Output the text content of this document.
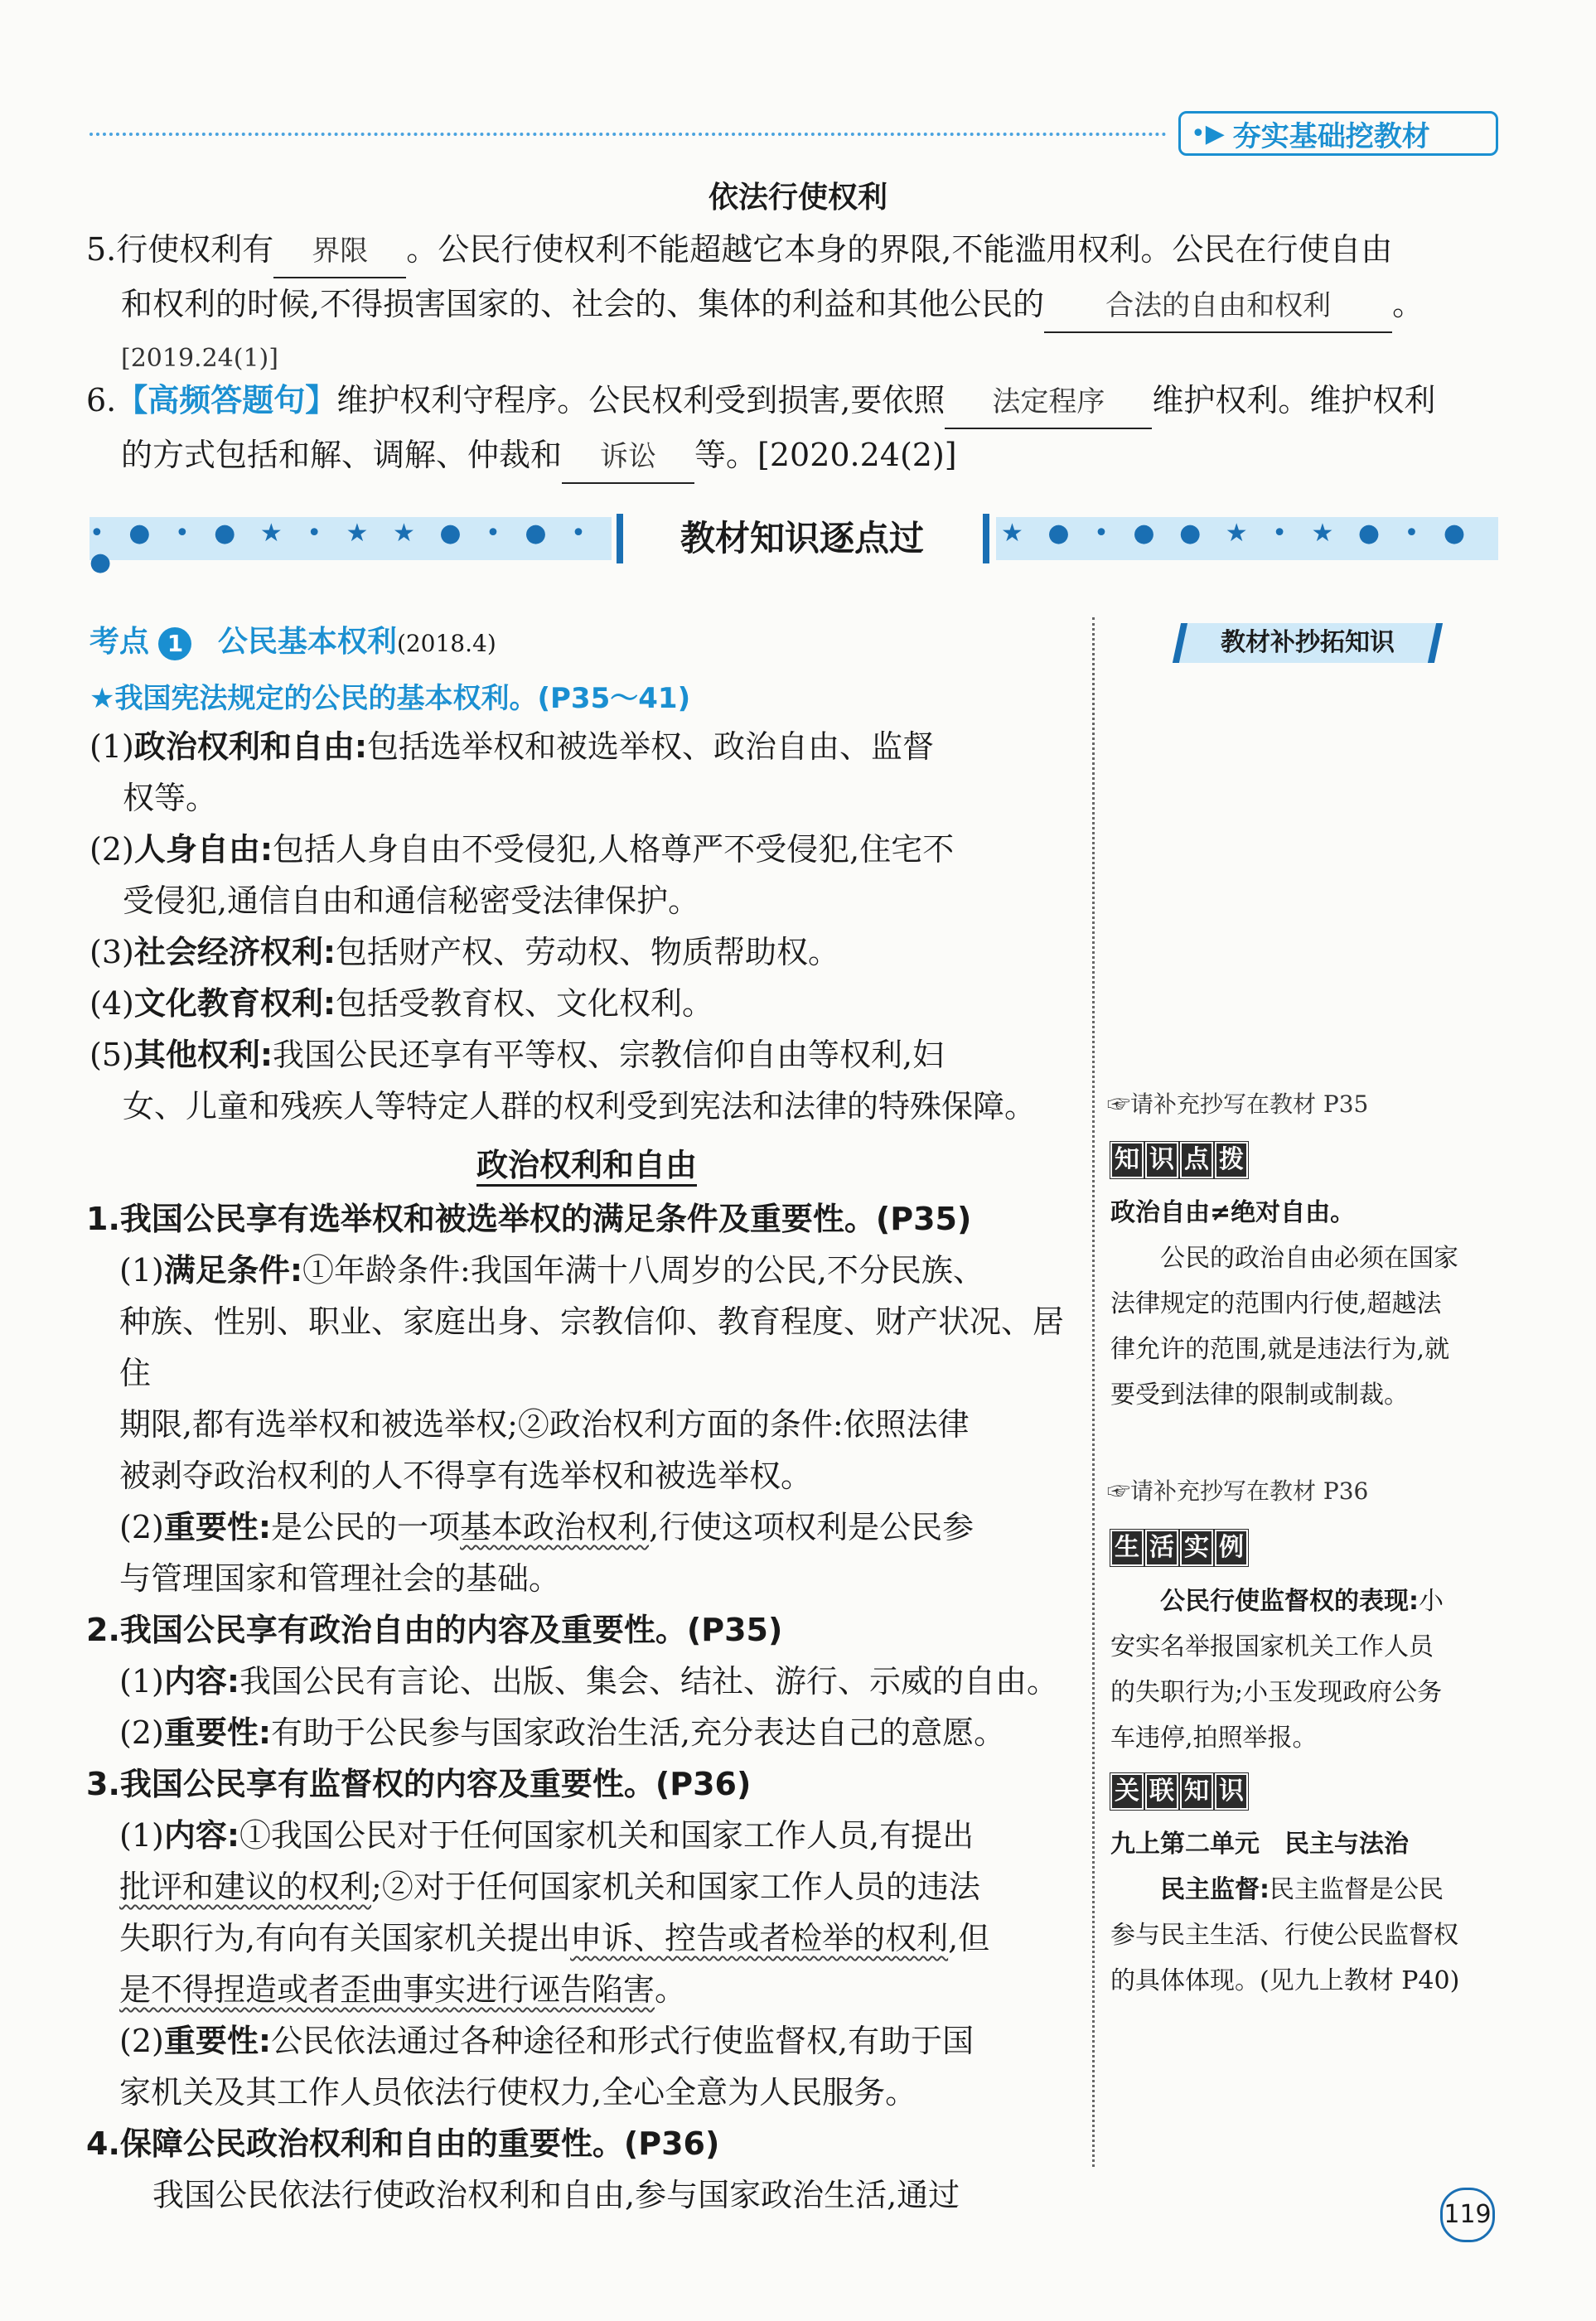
•▶ 夯实基础挖教材
依法行使权利
5.行使权利有 界限 。公民行使权利不能超越它本身的界限,不能滥用权利。公民在行使自由
和权利的时候,不得损害国家的、社会的、集体的利益和其他公民的 合法的自由和权利 。
[2019.24(1)]
6.【高频答题句】维护权利守程序。公民权利受到损害,要依照 法定程序 维护权利。维护权利
的方式包括和解、调解、仲裁和 诉讼 等。[2020.24(2)]
• ● • ● ★ • ★ ★ ● • ● • ●
教材知识逐点过	★ ● • ● ● ★ • ★ ● • ●
考点 1 公民基本权利(2018.4)
★我国宪法规定的公民的基本权利。(P35～41)
(1)政治权利和自由:包括选举权和被选举权、政治自由、监督
权等。
(2)人身自由:包括人身自由不受侵犯,人格尊严不受侵犯,住宅不
受侵犯,通信自由和通信秘密受法律保护。
(3)社会经济权利:包括财产权、劳动权、物质帮助权。
(4)文化教育权利:包括受教育权、文化权利。
(5)其他权利:我国公民还享有平等权、宗教信仰自由等权利,妇
女、儿童和残疾人等特定人群的权利受到宪法和法律的特殊保障。
政治权利和自由
1.我国公民享有选举权和被选举权的满足条件及重要性。(P35)
(1)满足条件:①年龄条件:我国年满十八周岁的公民,不分民族、
种族、性别、职业、家庭出身、宗教信仰、教育程度、财产状况、居住
期限,都有选举权和被选举权;②政治权利方面的条件:依照法律
被剥夺政治权利的人不得享有选举权和被选举权。
(2)重要性:是公民的一项基本政治权利,行使这项权利是公民参
与管理国家和管理社会的基础。
2.我国公民享有政治自由的内容及重要性。(P35)
(1)内容:我国公民有言论、出版、集会、结社、游行、示威的自由。
(2)重要性:有助于公民参与国家政治生活,充分表达自己的意愿。
3.我国公民享有监督权的内容及重要性。(P36)
(1)内容:①我国公民对于任何国家机关和国家工作人员,有提出
批评和建议的权利;②对于任何国家机关和国家工作人员的违法
失职行为,有向有关国家机关提出申诉、控告或者检举的权利,但
是不得捏造或者歪曲事实进行诬告陷害。
(2)重要性:公民依法通过各种途径和形式行使监督权,有助于国
家机关及其工作人员依法行使权力,全心全意为人民服务。
4.保障公民政治权利和自由的重要性。(P36)
我国公民依法行使政治权利和自由,参与国家政治生活,通过
教材补抄拓知识
☞请补充抄写在教材 P35
知 识 点 拨
政治自由≠绝对自由。
公民的政治自由必须在国家
法律规定的范围内行使,超越法
律允许的范围,就是违法行为,就
要受到法律的限制或制裁。
☞请补充抄写在教材 P36
生 活 实 例
公民行使监督权的表现:小
安实名举报国家机关工作人员
的失职行为;小玉发现政府公务
车违停,拍照举报。
关 联 知 识
九上第二单元　民主与法治
民主监督:民主监督是公民
参与民主生活、行使公民监督权
的具体体现。(见九上教材 P40)
119
